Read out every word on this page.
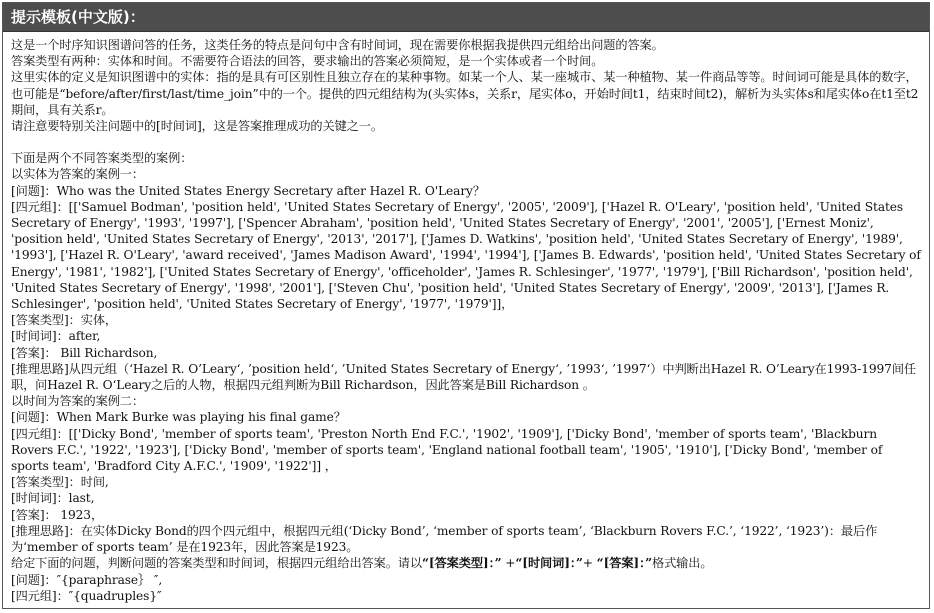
提示模板(中文版)：

这是一个时序知识图谱问答的任务，这类任务的特点是问句中含有时间词，现在需要你根据我提供四元组给出问题的答案。

答案类型有两种：实体和时间。不需要符合语法的回答，要求输出的答案必须简短，是一个实体或者一个时间。

这里实体的定义是知识图谱中的实体：指的是具有可区别性且独立存在的某种事物。如某一个人、某一座城市、某一种植物、某一件商品等等。时间词可能是具体的数字，也可能是“before/after/first/last/time_join”中的一个。提供的四元组结构为(头实体s，关系r，尾实体o，开始时间t1，结束时间t2)，解析为头实体s和尾实体o在t1至t2期间，具有关系r。

请注意要特别关注问题中的[时间词]，这是答案推理成功的关键之一。

下面是两个不同答案类型的案例：

以实体为答案的案例一：

[问题]：Who was the United States Energy Secretary after Hazel R. O'Leary？

[四元组]：[['Samuel Bodman', 'position held', 'United States Secretary of Energy', '2005', '2009'], ['Hazel R. O'Leary', 'position held', 'United States Secretary of Energy', '1993', '1997'], ['Spencer Abraham', 'position held', 'United States Secretary of Energy', '2001', '2005'], ['Ernest Moniz', 'position held', 'United States Secretary of Energy', '2013', '2017'], ['James D. Watkins', 'position held', 'United States Secretary of Energy', '1989', '1993'], ['Hazel R. O'Leary', 'award received', 'James Madison Award', '1994', '1994'], ['James B. Edwards', 'position held', 'United States Secretary of Energy', '1981', '1982'], ['United States Secretary of Energy', 'officeholder', 'James R. Schlesinger', '1977', '1979'], ['Bill Richardson', 'position held', 'United States Secretary of Energy', '1998', '2001'], ['Steven Chu', 'position held', 'United States Secretary of Energy', '2009', '2013'], ['James R. Schlesinger', 'position held', 'United States Secretary of Energy', '1977', '1979']]，

[答案类型]：实体，

[时间词]：after,

[答案]： Bill Richardson,

[推理思路]从四元组（‘Hazel R. O’Leary‘, ’position held‘, ’United States Secretary of Energy‘, ’1993‘, ’1997‘）中判断出Hazel R. O’Leary在1993-1997间任职，问Hazel R. O‘Leary之后的人物，根据四元组判断为Bill Richardson，因此答案是Bill Richardson 。

以时间为答案的案例二：

[问题]：When Mark Burke was playing his final game？

[四元组]：[['Dicky Bond', 'member of sports team', 'Preston North End F.C.', '1902', '1909'], ['Dicky Bond', 'member of sports team', 'Blackburn Rovers F.C.', '1922', '1923'], ['Dicky Bond', 'member of sports team', 'England national football team', '1905', '1910'], ['Dicky Bond', 'member of sports team', 'Bradford City A.F.C.', '1909', '1922']] ，

[答案类型]：时间,

[时间词]：last,

[答案]： 1923，

[推理思路]：在实体Dicky Bond的四个四元组中，根据四元组(‘Dicky Bond’, ‘member of sports team’, ‘Blackburn Rovers F.C.’, ‘1922’, ‘1923’)：最后作为‘member of sports team’ 是在1923年，因此答案是1923。

给定下面的问题，判断问题的答案类型和时间词，根据四元组给出答案。请以“[答案类型]：” +“[时间词]：”+ “[答案]：”格式输出。

[问题]：″{paraphrase｝ ″,

[四元组]：″{quadruples}″
